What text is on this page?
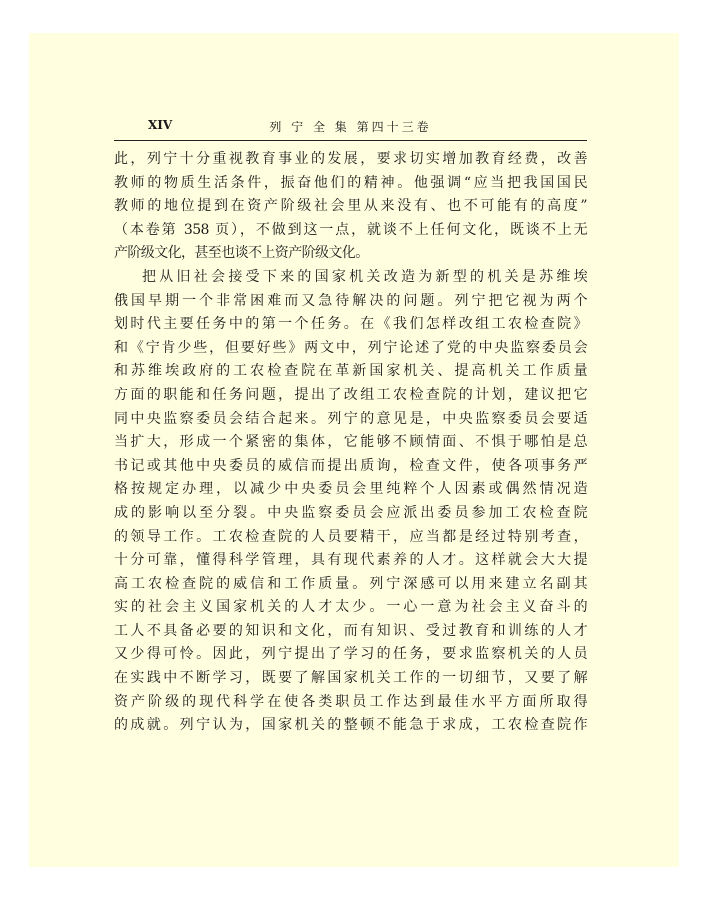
XIV	列 宁 全 集 第四十三卷
此，列宁十分重视教育事业的发展，要求切实增加教育经费，改善
教师的物质生活条件，振奋他们的精神。他强调“应当把我国国民
教师的地位提到在资产阶级社会里从来没有、也不可能有的高度”
（本卷第 358 页），不做到这一点，就谈不上任何文化，既谈不上无
产阶级文化，甚至也谈不上资产阶级文化。
把从旧社会接受下来的国家机关改造为新型的机关是苏维埃
俄国早期一个非常困难而又急待解决的问题。列宁把它视为两个
划时代主要任务中的第一个任务。在《我们怎样改组工农检查院》
和《宁肯少些，但要好些》两文中，列宁论述了党的中央监察委员会
和苏维埃政府的工农检查院在革新国家机关、提高机关工作质量
方面的职能和任务问题，提出了改组工农检查院的计划，建议把它
同中央监察委员会结合起来。列宁的意见是，中央监察委员会要适
当扩大，形成一个紧密的集体，它能够不顾情面、不惧于哪怕是总
书记或其他中央委员的威信而提出质询，检查文件，使各项事务严
格按规定办理，以减少中央委员会里纯粹个人因素或偶然情况造
成的影响以至分裂。中央监察委员会应派出委员参加工农检查院
的领导工作。工农检查院的人员要精干，应当都是经过特别考查，
十分可靠，懂得科学管理，具有现代素养的人才。这样就会大大提
高工农检查院的威信和工作质量。列宁深感可以用来建立名副其
实的社会主义国家机关的人才太少。一心一意为社会主义奋斗的
工人不具备必要的知识和文化，而有知识、受过教育和训练的人才
又少得可怜。因此，列宁提出了学习的任务，要求监察机关的人员
在实践中不断学习，既要了解国家机关工作的一切细节，又要了解
资产阶级的现代科学在使各类职员工作达到最佳水平方面所取得
的成就。列宁认为，国家机关的整顿不能急于求成，工农检查院作
